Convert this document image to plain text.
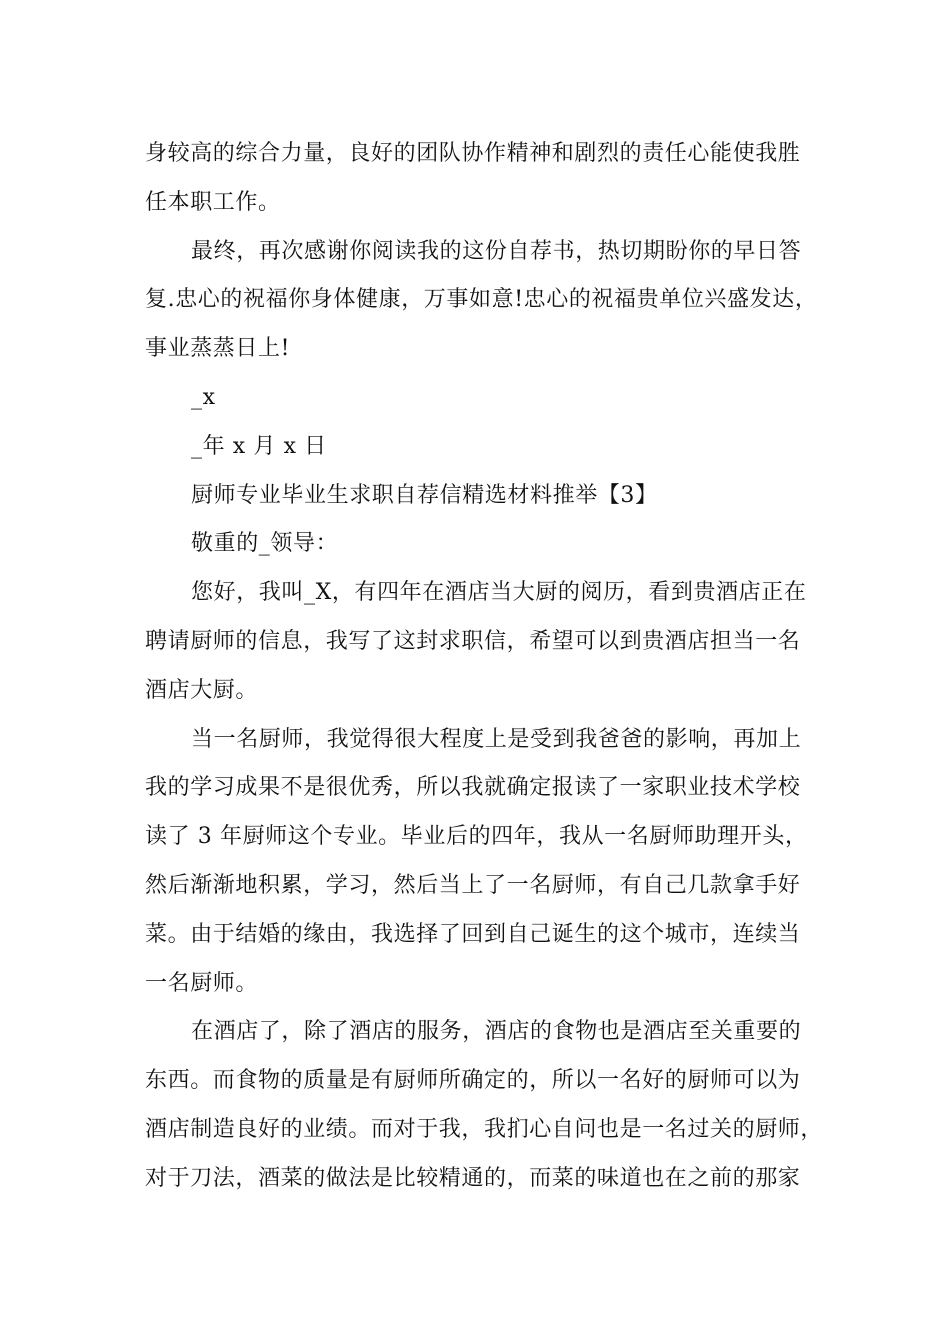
身较高的综合力量，良好的团队协作精神和剧烈的责任心能使我胜
任本职工作。
最终，再次感谢你阅读我的这份自荐书，热切期盼你的早日答
复.忠心的祝福你身体健康，万事如意!忠心的祝福贵单位兴盛发达，
事业蒸蒸日上!
_x
_年 x 月 x 日
厨师专业毕业生求职自荐信精选材料推举【3】
敬重的_领导：
您好，我叫_X，有四年在酒店当大厨的阅历，看到贵酒店正在
聘请厨师的信息，我写了这封求职信，希望可以到贵酒店担当一名
酒店大厨。
当一名厨师，我觉得很大程度上是受到我爸爸的影响，再加上
我的学习成果不是很优秀，所以我就确定报读了一家职业技术学校
读了 3 年厨师这个专业。毕业后的四年，我从一名厨师助理开头，
然后渐渐地积累，学习，然后当上了一名厨师，有自己几款拿手好
菜。由于结婚的缘由，我选择了回到自己诞生的这个城市，连续当
一名厨师。
在酒店了，除了酒店的服务，酒店的食物也是酒店至关重要的
东西。而食物的质量是有厨师所确定的，所以一名好的厨师可以为
酒店制造良好的业绩。而对于我，我扪心自问也是一名过关的厨师，
对于刀法，酒菜的做法是比较精通的，而菜的味道也在之前的那家
